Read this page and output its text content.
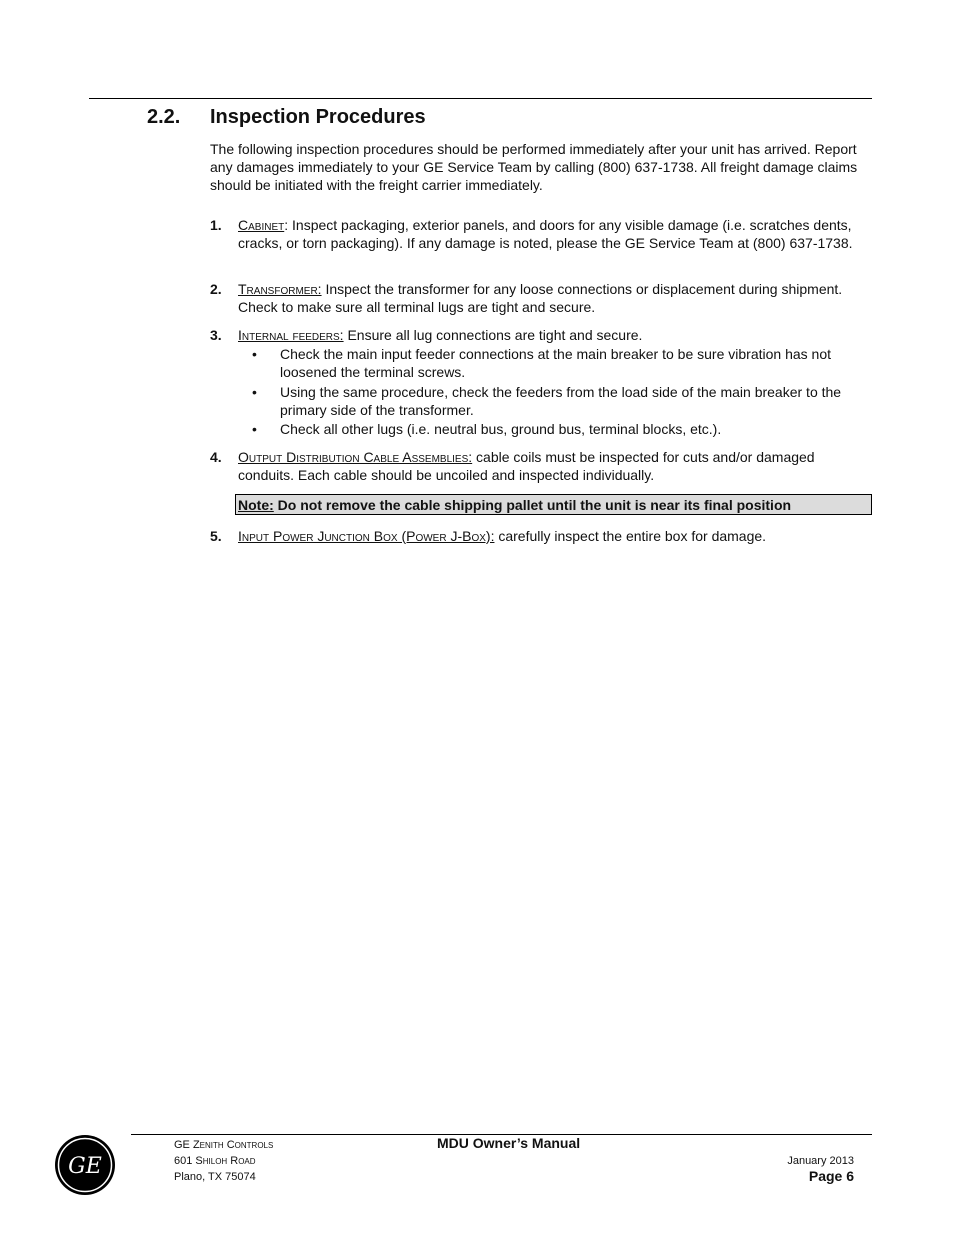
2.2. Inspection Procedures
The following inspection procedures should be performed immediately after your unit has arrived. Report any damages immediately to your GE Service Team by calling (800) 637-1738. All freight damage claims should be initiated with the freight carrier immediately.
1. Cabinet: Inspect packaging, exterior panels, and doors for any visible damage (i.e. scratches dents, cracks, or torn packaging). If any damage is noted, please the GE Service Team at (800) 637-1738.
2. Transformer: Inspect the transformer for any loose connections or displacement during shipment. Check to make sure all terminal lugs are tight and secure.
3. Internal feeders: Ensure all lug connections are tight and secure.
• Check the main input feeder connections at the main breaker to be sure vibration has not loosened the terminal screws.
• Using the same procedure, check the feeders from the load side of the main breaker to the primary side of the transformer.
• Check all other lugs (i.e. neutral bus, ground bus, terminal blocks, etc.).
4. Output Distribution Cable Assemblies: cable coils must be inspected for cuts and/or damaged conduits. Each cable should be uncoiled and inspected individually.
Note: Do not remove the cable shipping pallet until the unit is near its final position
5. Input Power Junction Box (Power J-Box): carefully inspect the entire box for damage.
GE
GE Zenith Controls
601 Shiloh Road
Plano, TX 75074
MDU Owner’s Manual
January 2013
Page 6
